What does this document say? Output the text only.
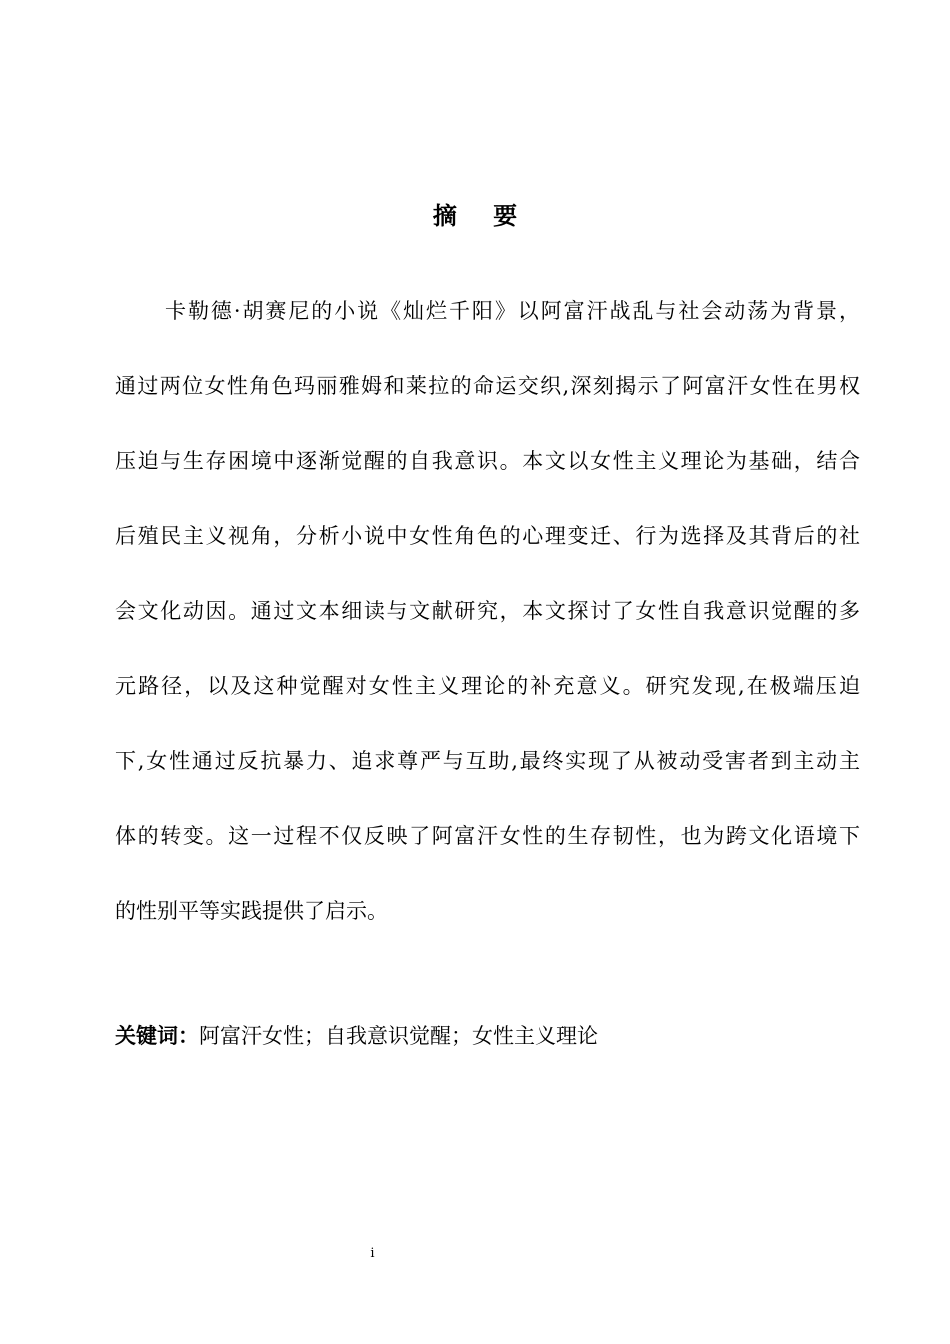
摘 要
卡勒德·胡赛尼的小说《灿烂千阳》以阿富汗战乱与社会动荡为背景，
通过两位女性角色玛丽雅姆和莱拉的命运交织,深刻揭示了阿富汗女性在男权
压迫与生存困境中逐渐觉醒的自我意识。本文以女性主义理论为基础，结合
后殖民主义视角，分析小说中女性角色的心理变迁、行为选择及其背后的社
会文化动因。通过文本细读与文献研究，本文探讨了女性自我意识觉醒的多
元路径，以及这种觉醒对女性主义理论的补充意义。研究发现,在极端压迫
下,女性通过反抗暴力、追求尊严与互助,最终实现了从被动受害者到主动主
体的转变。这一过程不仅反映了阿富汗女性的生存韧性，也为跨文化语境下
的性别平等实践提供了启示。
关键词：阿富汗女性；自我意识觉醒；女性主义理论
i
